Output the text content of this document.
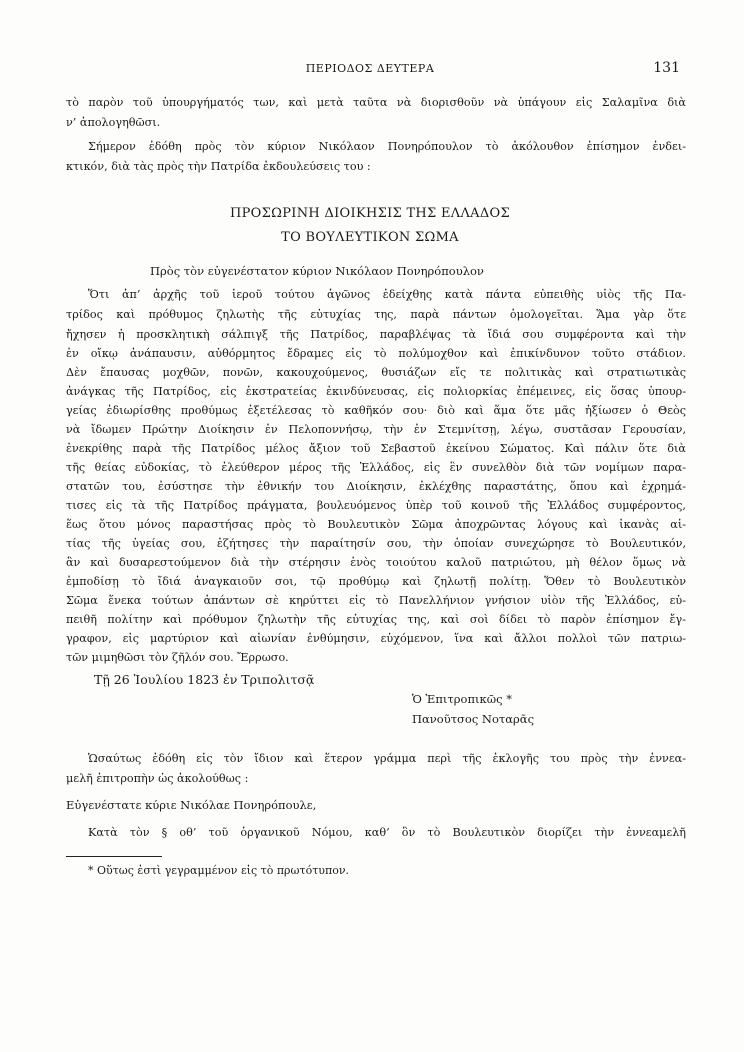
ΠΕΡΙΟΔΟΣ ΔΕΥΤΕΡΑ	131
τὸ παρὸν τοῦ ὑπουργήματός των, καὶ μετὰ ταῦτα νὰ διορισθοῦν νὰ ὑπάγουν εἰς Σαλαμῖνα διὰ
ν’ ἀπολογηθῶσι.
Σήμερον ἐδόθη πρὸς τὸν κύριον Νικόλαον Πονηρόπουλον τὸ ἀκόλουθον ἐπίσημον ἐνδει-
κτικόν, διὰ τὰς πρὸς τὴν Πατρίδα ἐκδουλεύσεις του :
ΠΡΟΣΩΡΙΝΗ ΔΙΟΙΚΗΣΙΣ ΤΗΣ ΕΛΛΑΔΟΣ
ΤΟ ΒΟΥΛΕΥΤΙΚΟΝ ΣΩΜΑ
Πρὸς τὸν εὐγενέστατον κύριον Νικόλαον Πονηρόπουλον
Ὅτι ἀπ’ ἀρχῆς τοῦ ἱεροῦ τούτου ἀγῶνος ἐδείχθης κατὰ πάντα εὐπειθὴς υἱὸς τῆς Πα-
τρίδος καὶ πρόθυμος ζηλωτὴς τῆς εὐτυχίας της, παρὰ πάντων ὁμολογεῖται. Ἅμα γὰρ ὅτε
ἤχησεν ἡ προσκλητικὴ σάλπιγξ τῆς Πατρίδος, παραβλέψας τὰ ἴδιά σου συμφέροντα καὶ τὴν
ἐν οἴκῳ ἀνάπαυσιν, αὐθόρμητος ἔδραμες εἰς τὸ πολύμοχθον καὶ ἐπικίνδυνον τοῦτο στάδιον.
Δὲν ἔπαυσας μοχθῶν, πονῶν, κακουχούμενος, θυσιάζων εἴς τε πολιτικὰς καὶ στρατιωτικὰς
ἀνάγκας τῆς Πατρίδος, εἰς ἐκστρατείας ἐκινδύνευσας, εἰς πολιορκίας ἐπέμεινες, εἰς ὅσας ὑπουρ-
γείας ἐδιωρίσθης προθύμως ἐξετέλεσας τὸ καθῆκόν σου· διὸ καὶ ἅμα ὅτε μᾶς ἠξίωσεν ὁ Θεὸς
νὰ ἴδωμεν Πρώτην Διοίκησιν ἐν Πελοποννήσῳ, τὴν ἐν Στεμνίτσῃ, λέγω, συστᾶσαν Γερουσίαν,
ἐνεκρίθης παρὰ τῆς Πατρίδος μέλος ἄξιον τοῦ Σεβαστοῦ ἐκείνου Σώματος. Καὶ πάλιν ὅτε διὰ
τῆς θείας εὐδοκίας, τὸ ἐλεύθερον μέρος τῆς Ἑλλάδος, εἰς ἓν συνελθὸν διὰ τῶν νομίμων παρα-
στατῶν του, ἐσύστησε τὴν ἐθνικήν του Διοίκησιν, ἐκλέχθης παραστάτης, ὅπου καὶ ἐχρημά-
τισες εἰς τὰ τῆς Πατρίδος πράγματα, βουλευόμενος ὑπὲρ τοῦ κοινοῦ τῆς Ἑλλάδος συμφέροντος,
ἕως ὅτου μόνος παραστήσας πρὸς τὸ Βουλευτικὸν Σῶμα ἀποχρῶντας λόγους καὶ ἱκανὰς αἰ-
τίας τῆς ὑγείας σου, ἐζήτησες τὴν παραίτησίν σου, τὴν ὁποίαν συνεχώρησε τὸ Βουλευτικόν,
ἂν καὶ δυσαρεστούμενον διὰ τὴν στέρησιν ἑνὸς τοιούτου καλοῦ πατριώτου, μὴ θέλον ὅμως νὰ
ἐμποδίσῃ τὸ ἴδιά ἀναγκαιοῦν σοι, τῷ προθύμῳ καὶ ζηλωτῇ πολίτῃ. Ὅθεν τὸ Βουλευτικὸν
Σῶμα ἕνεκα τούτων ἁπάντων σὲ κηρύττει εἰς τὸ Πανελλήνιον γνήσιον υἱὸν τῆς Ἑλλάδος, εὐ-
πειθῆ πολίτην καὶ πρόθυμον ζηλωτὴν τῆς εὐτυχίας της, καὶ σοὶ δίδει τὸ παρὸν ἐπίσημον ἔγ-
γραφον, εἰς μαρτύριον καὶ αἰωνίαν ἐνθύμησιν, εὐχόμενον, ἵνα καὶ ἄλλοι πολλοὶ τῶν πατριω-
τῶν μιμηθῶσι τὸν ζῆλόν σου. Ἔρρωσο.
Τῇ 26 Ἰουλίου 1823 ἐν Τριπολιτσᾷ
Ὁ Ἐπιτροπικῶς *
Πανοῦτσος Νοταρᾶς
Ὡσαύτως ἐδόθη εἰς τὸν ἴδιον καὶ ἕτερον γράμμα περὶ τῆς ἐκλογῆς του πρὸς τὴν ἐννεα-
μελῆ ἐπιτροπὴν ὡς ἀκολούθως :
Εὐγενέστατε κύριε Νικόλαε Πονηρόπουλε,
Κατὰ τὸν § οθ’ τοῦ ὀργανικοῦ Νόμου, καθ’ ὃν τὸ Βουλευτικὸν διορίζει τὴν ἐννεαμελῆ
* Οὕτως ἐστὶ γεγραμμένον εἰς τὸ πρωτότυπον.
